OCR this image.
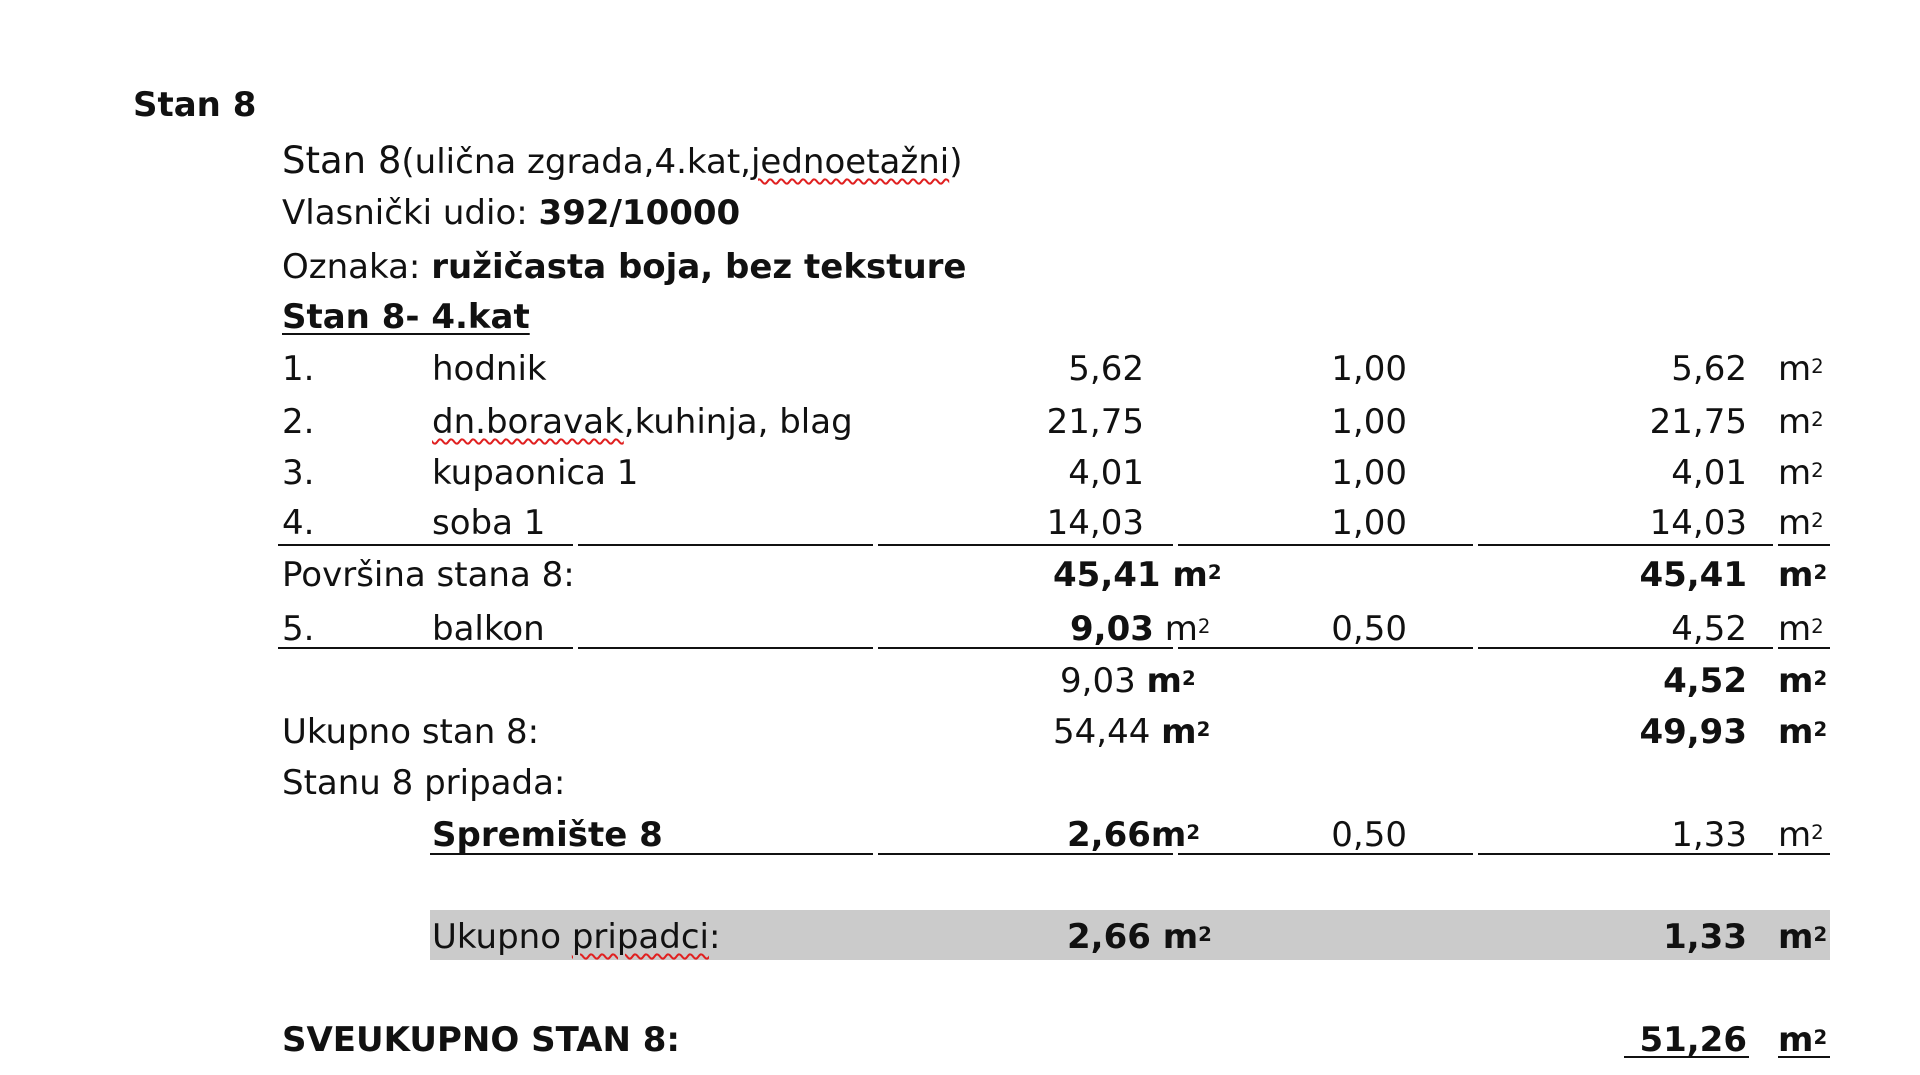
Stan 8
Stan 8(ulična zgrada,4.kat,jednoetažni)
Vlasnički udio: 392/10000
Oznaka: ružičasta boja, bez teksture
Stan 8- 4.kat
1.	hodnik	5,62	1,00	5,62 $m^2$
2.	dn.boravak,kuhinja, blag	21,75	1,00	21,75 $m^2$
3.	kupaonica 1	4,01	1,00	4,01 $m^2$
4.	soba 1	14,03	1,00	14,03 $m^2$
Površina stana 8:	45,41 $m^2$	45,41 $m^2$
5.	balkon	9,03 $m^2$	0,50	4,52 $m^2$
9,03 $m^2$	4,52 $m^2$
Ukupno stan 8:	54,44 $m^2$	49,93 $m^2$
Stanu 8 pripada:
Spremište 8	$2,66m^2$	0,50	1,33 $m^2$
Ukupno pripadci:	2,66 $m^2$	1,33 $m^2$
SVEUKUPNO STAN 8:	51,26 $m^2$
